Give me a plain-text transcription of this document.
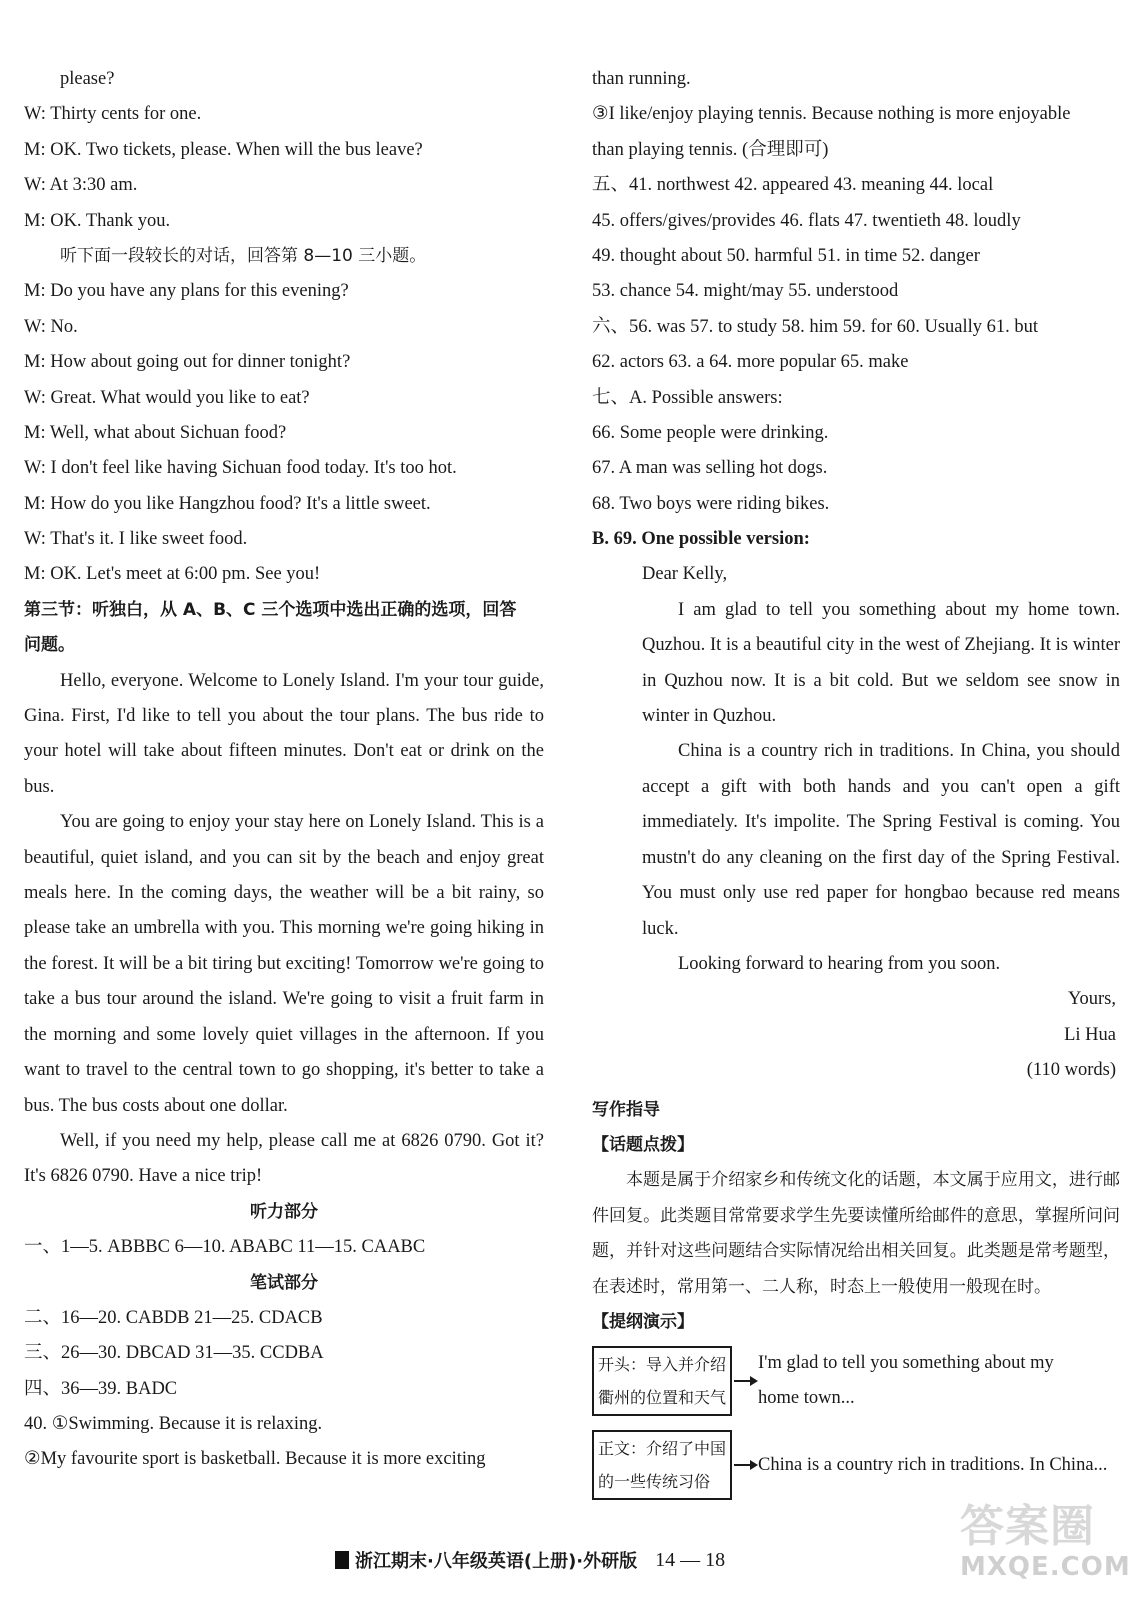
please?
W: Thirty cents for one.
M: OK. Two tickets, please. When will the bus leave?
W: At 3:30 am.
M: OK. Thank you.
听下面一段较长的对话，回答第 8—10 三小题。
M: Do you have any plans for this evening?
W: No.
M: How about going out for dinner tonight?
W: Great. What would you like to eat?
M: Well, what about Sichuan food?
W: I don't feel like having Sichuan food today. It's too hot.
M: How do you like Hangzhou food? It's a little sweet.
W: That's it. I like sweet food.
M: OK. Let's meet at 6:00 pm. See you!
第三节：听独白，从 A、B、C 三个选项中选出正确的选项，回答
问题。

Hello, everyone. Welcome to Lonely Island. I'm your tour guide, Gina. First, I'd like to tell you about the tour plans. The bus ride to your hotel will take about fifteen minutes. Don't eat or drink on the bus.

You are going to enjoy your stay here on Lonely Island. This is a beautiful, quiet island, and you can sit by the beach and enjoy great meals here. In the coming days, the weather will be a bit rainy, so please take an umbrella with you. This morning we're going hiking in the forest. It will be a bit tiring but exciting! Tomorrow we're going to take a bus tour around the island. We're going to visit a fruit farm in the morning and some lovely quiet villages in the afternoon. If you want to travel to the central town to go shopping, it's better to take a bus. The bus costs about one dollar.

Well, if you need my help, please call me at 6826 0790. Got it? It's 6826 0790. Have a nice trip!

听力部分
一、1—5. ABBBC 6—10. ABABC 11—15. CAABC
笔试部分
二、16—20. CABDB 21—25. CDACB
三、26—30. DBCAD 31—35. CCDBA
四、36—39. BADC
40. ①Swimming. Because it is relaxing.
②My favourite sport is basketball. Because it is more exciting
than running.
③I like/enjoy playing tennis. Because nothing is more enjoyable
than playing tennis. (合理即可)
五、41. northwest 42. appeared 43. meaning 44. local
45. offers/gives/provides 46. flats 47. twentieth 48. loudly
49. thought about 50. harmful 51. in time 52. danger
53. chance 54. might/may 55. understood
六、56. was 57. to study 58. him 59. for 60. Usually 61. but
62. actors 63. a 64. more popular 65. make
七、A. Possible answers:
66. Some people were drinking.
67. A man was selling hot dogs.
68. Two boys were riding bikes.
B. 69. One possible version:
Dear Kelly,

I am glad to tell you something about my home town. Quzhou. It is a beautiful city in the west of Zhejiang. It is winter in Quzhou now. It is a bit cold. But we seldom see snow in winter in Quzhou.

China is a country rich in traditions. In China, you should accept a gift with both hands and you can't open a gift immediately. It's impolite. The Spring Festival is coming. You mustn't do any cleaning on the first day of the Spring Festival. You must only use red paper for hongbao because red means luck.

Looking forward to hearing from you soon.

Yours,
Li Hua
(110 words)
写作指导
【话题点拨】

本题是属于介绍家乡和传统文化的话题，本文属于应用文，进行邮件回复。此类题目常常要求学生先要读懂所给邮件的意思，掌握所问问题，并针对这些问题结合实际情况给出相关回复。此类题是常考题型，在表述时，常用第一、二人称，时态上一般使用一般现在时。

【提纲演示】
开头：导入并介绍
衢州的位置和天气
I'm glad to tell you something about my
home town...
正文：介绍了中国
的一些传统习俗
China is a country rich in traditions. In China...
浙江期末·八年级英语(上册)·外研版 14 — 18
答案圈
MXQE.COM
